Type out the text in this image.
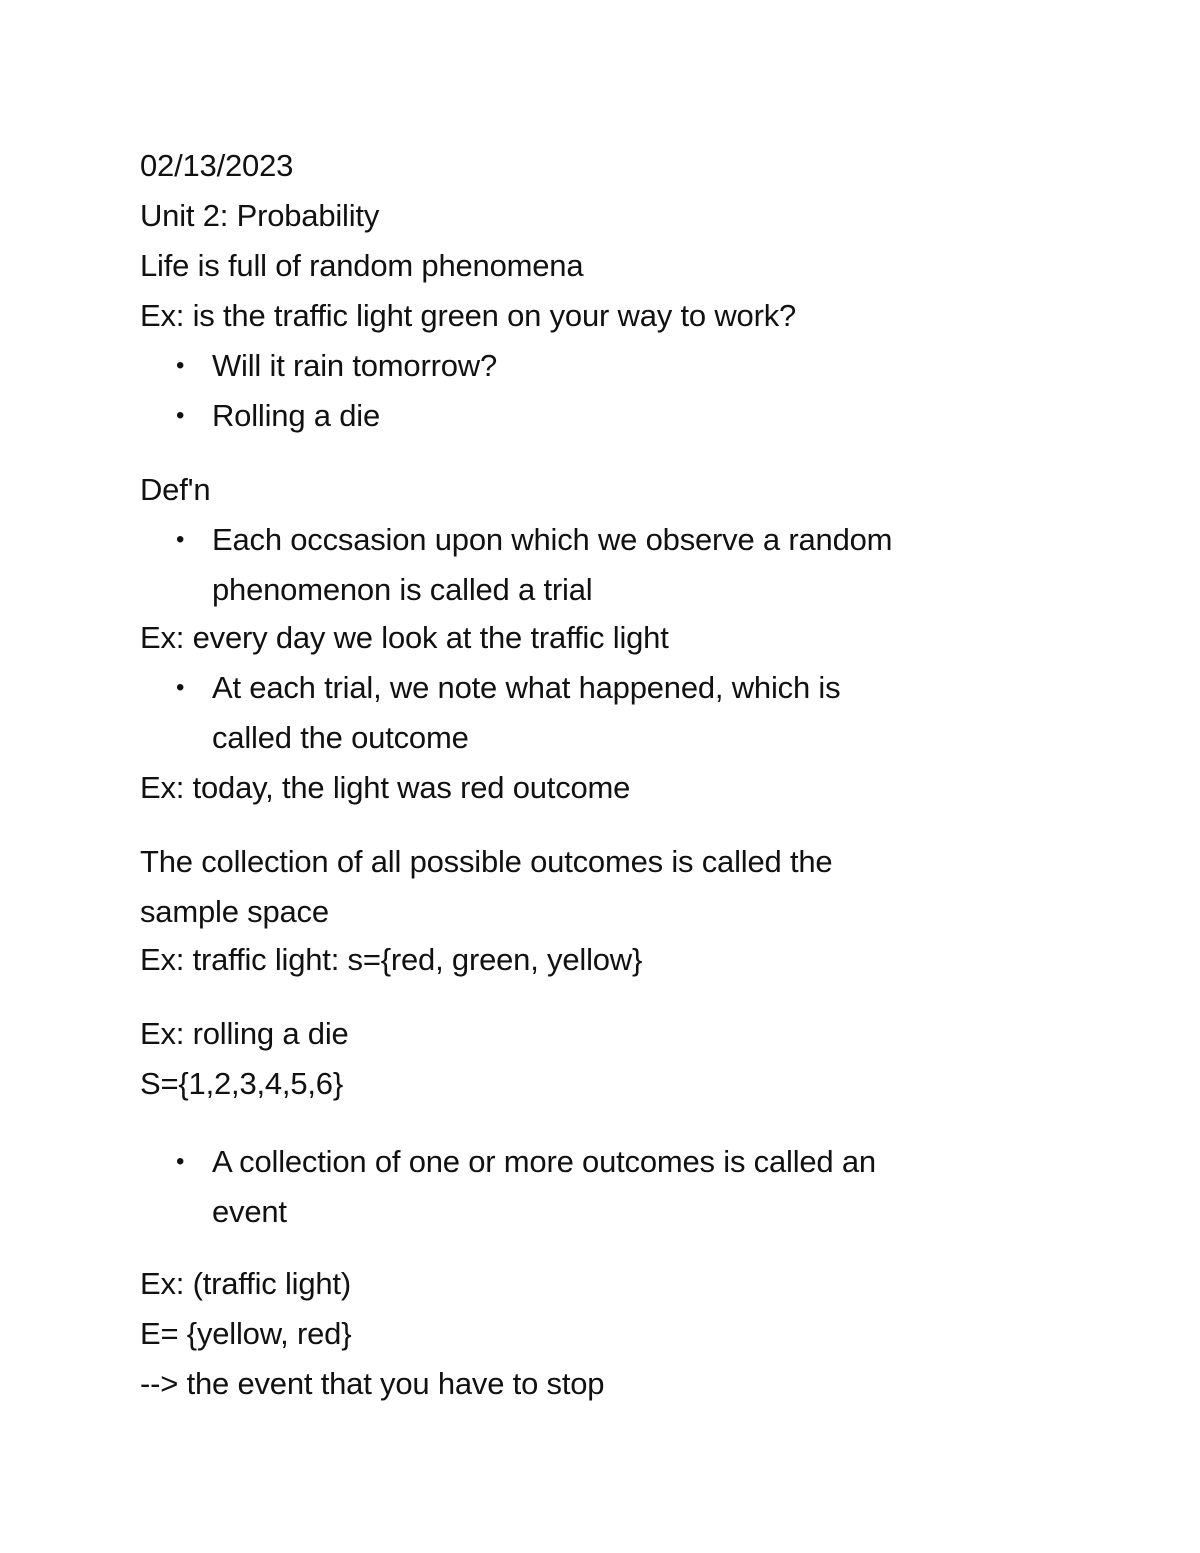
02/13/2023
Unit 2: Probability
Life is full of random phenomena
Ex: is the traffic light green on your way to work?
• Will it rain tomorrow?
• Rolling a die
Def'n
• Each occsasion upon which we observe a random
phenomenon is called a trial
Ex: every day we look at the traffic light
• At each trial, we note what happened, which is
called the outcome
Ex: today, the light was red outcome
The collection of all possible outcomes is called the
sample space
Ex: traffic light: s={red, green, yellow}
Ex: rolling a die
S={1,2,3,4,5,6}
• A collection of one or more outcomes is called an
event
Ex: (traffic light)
E= {yellow, red}
--> the event that you have to stop
